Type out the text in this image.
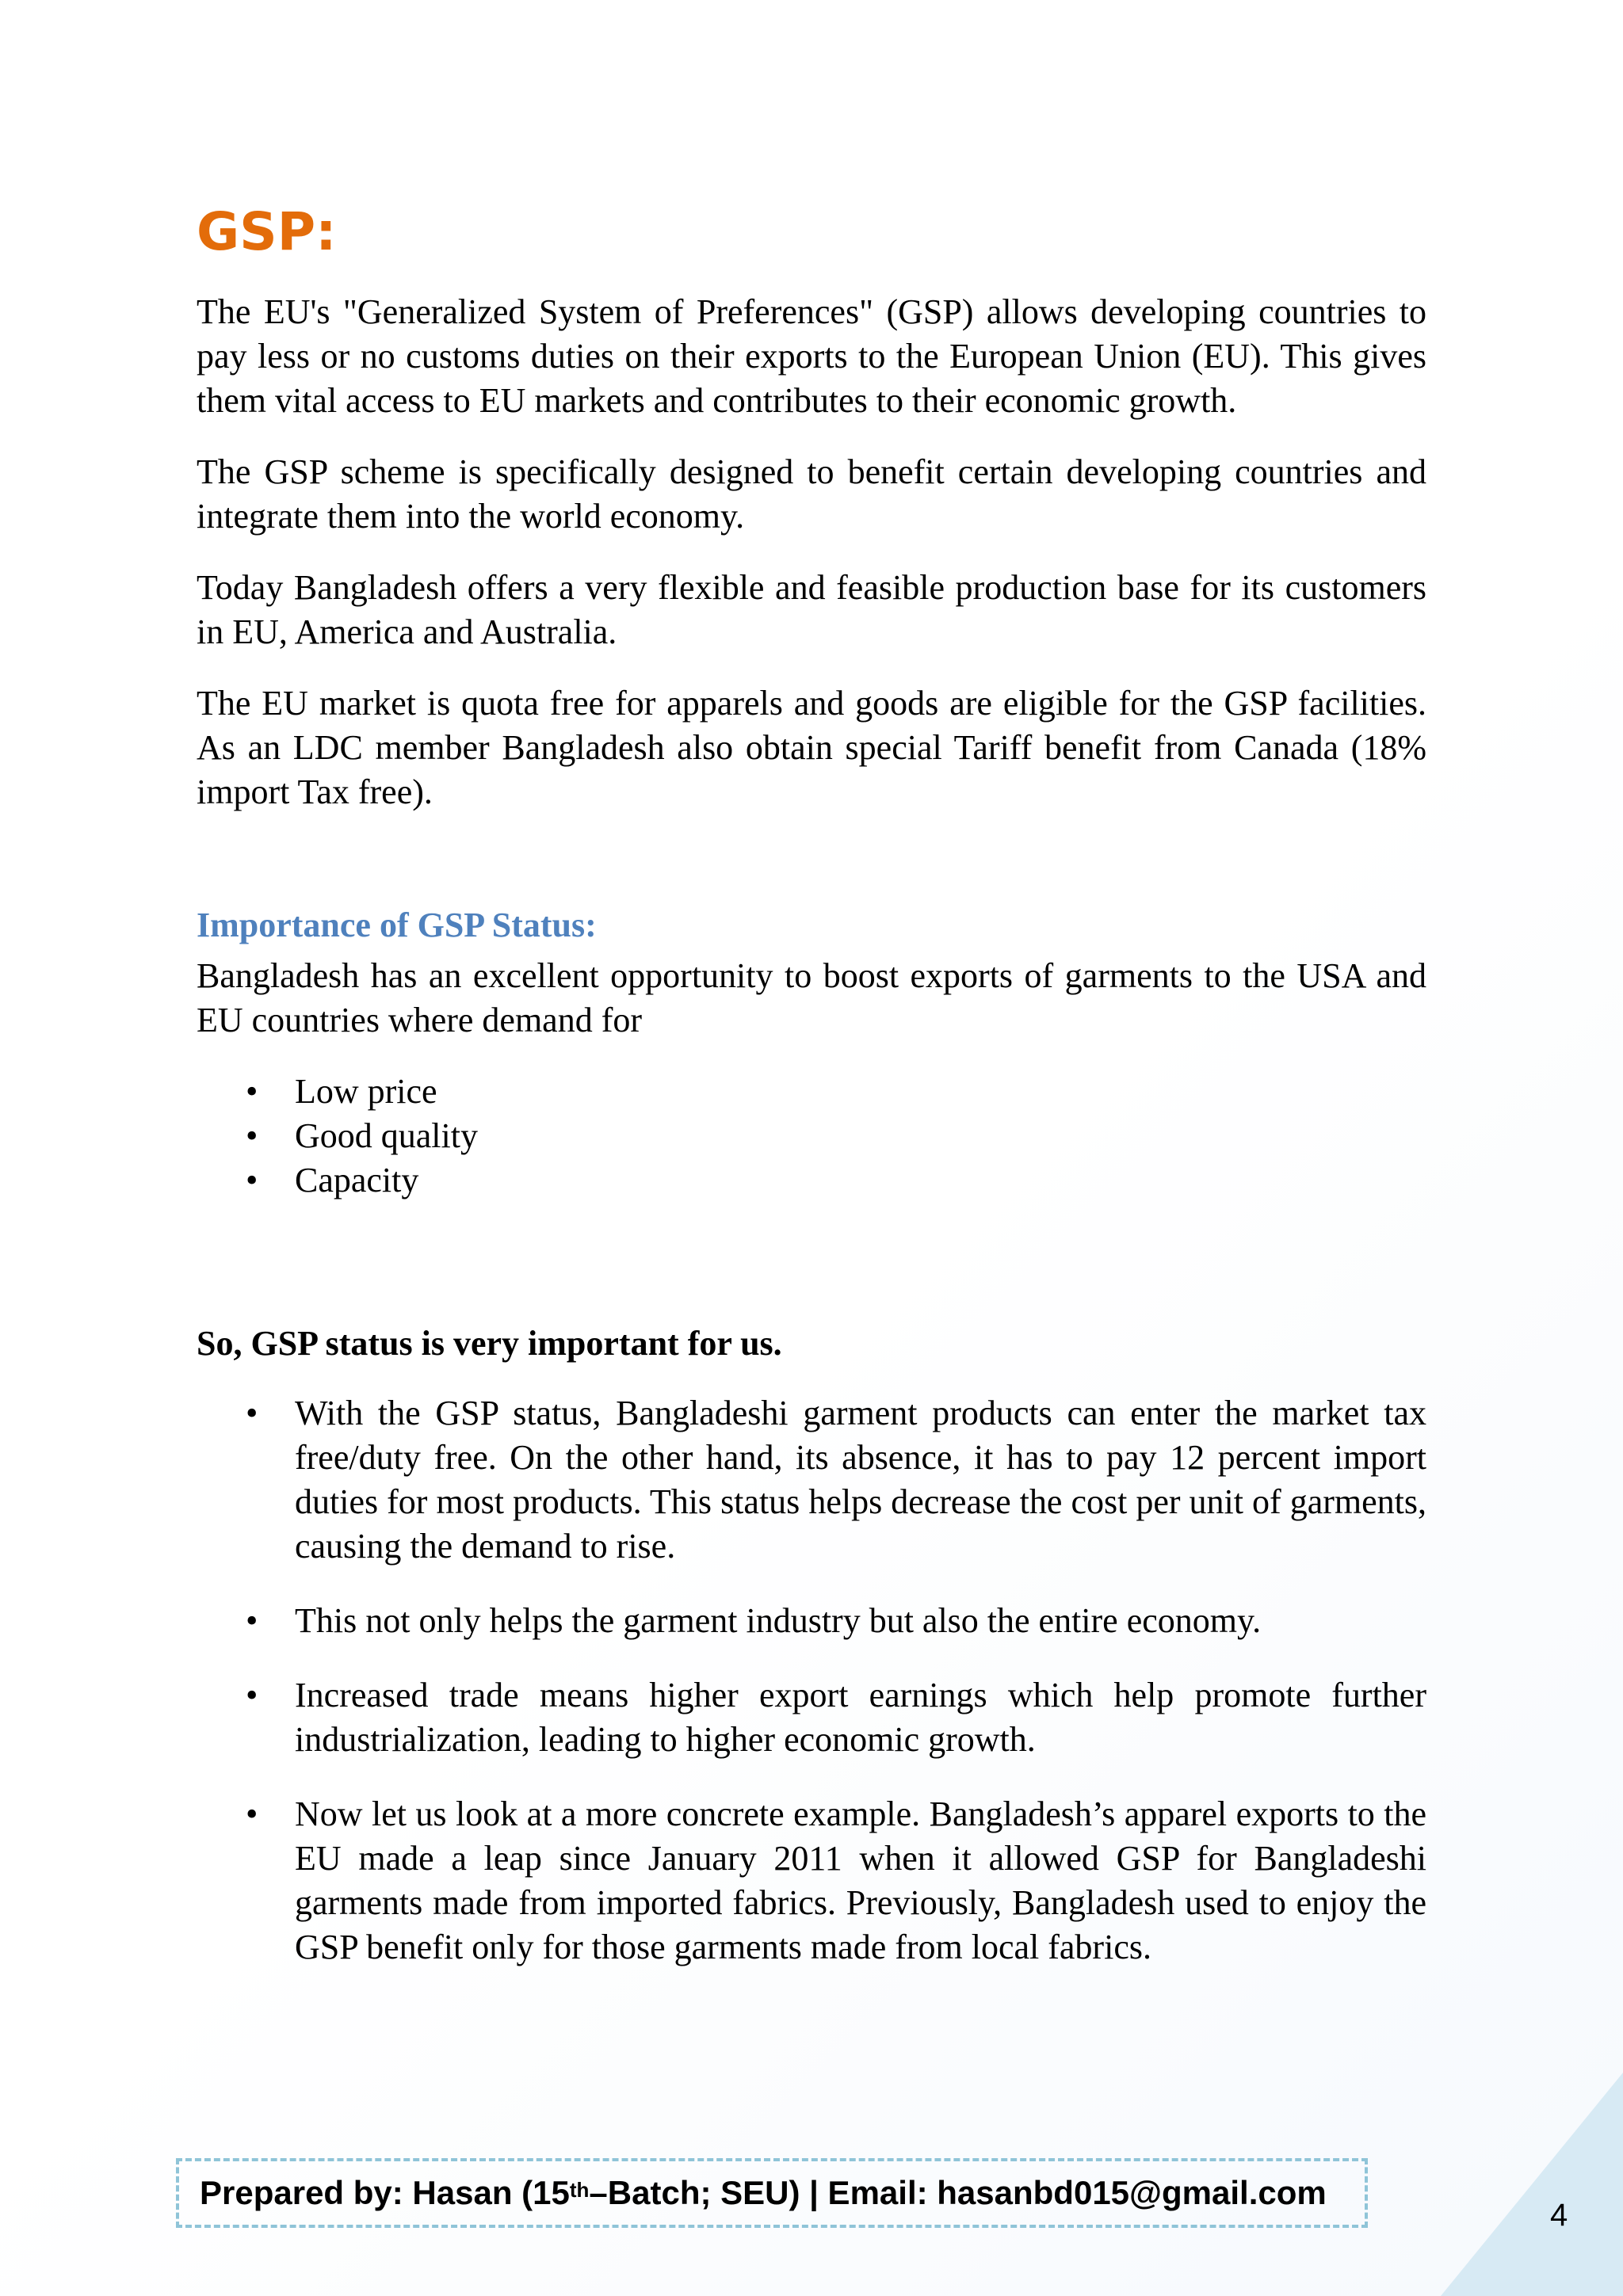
GSP:

The EU's "Generalized System of Preferences" (GSP) allows developing countries to pay less or no customs duties on their exports to the European Union (EU). This gives them vital access to EU markets and contributes to their economic growth.

The GSP scheme is specifically designed to benefit certain developing countries and integrate them into the world economy.

Today Bangladesh offers a very flexible and feasible production base for its customers in EU, America and Australia.

The EU market is quota free for apparels and goods are eligible for the GSP facilities. As an LDC member Bangladesh also obtain special Tariff benefit from Canada (18% import Tax free).

Importance of GSP Status:

Bangladesh has an excellent opportunity to boost exports of garments to the USA and EU countries where demand for

• Low price
• Good quality
• Capacity

So, GSP status is very important for us.

• With the GSP status, Bangladeshi garment products can enter the market tax free/duty free. On the other hand, its absence, it has to pay 12 percent import duties for most products. This status helps decrease the cost per unit of garments, causing the demand to rise.
• This not only helps the garment industry but also the entire economy.
• Increased trade means higher export earnings which help promote further industrialization, leading to higher economic growth.
• Now let us look at a more concrete example. Bangladesh’s apparel exports to the EU made a leap since January 2011 when it allowed GSP for Bangladeshi garments made from imported fabrics. Previously, Bangladesh used to enjoy the GSP benefit only for those garments made from local fabrics.
Prepared by: Hasan (15th –Batch; SEU) | Email: hasanbd015@gmail.com
4
